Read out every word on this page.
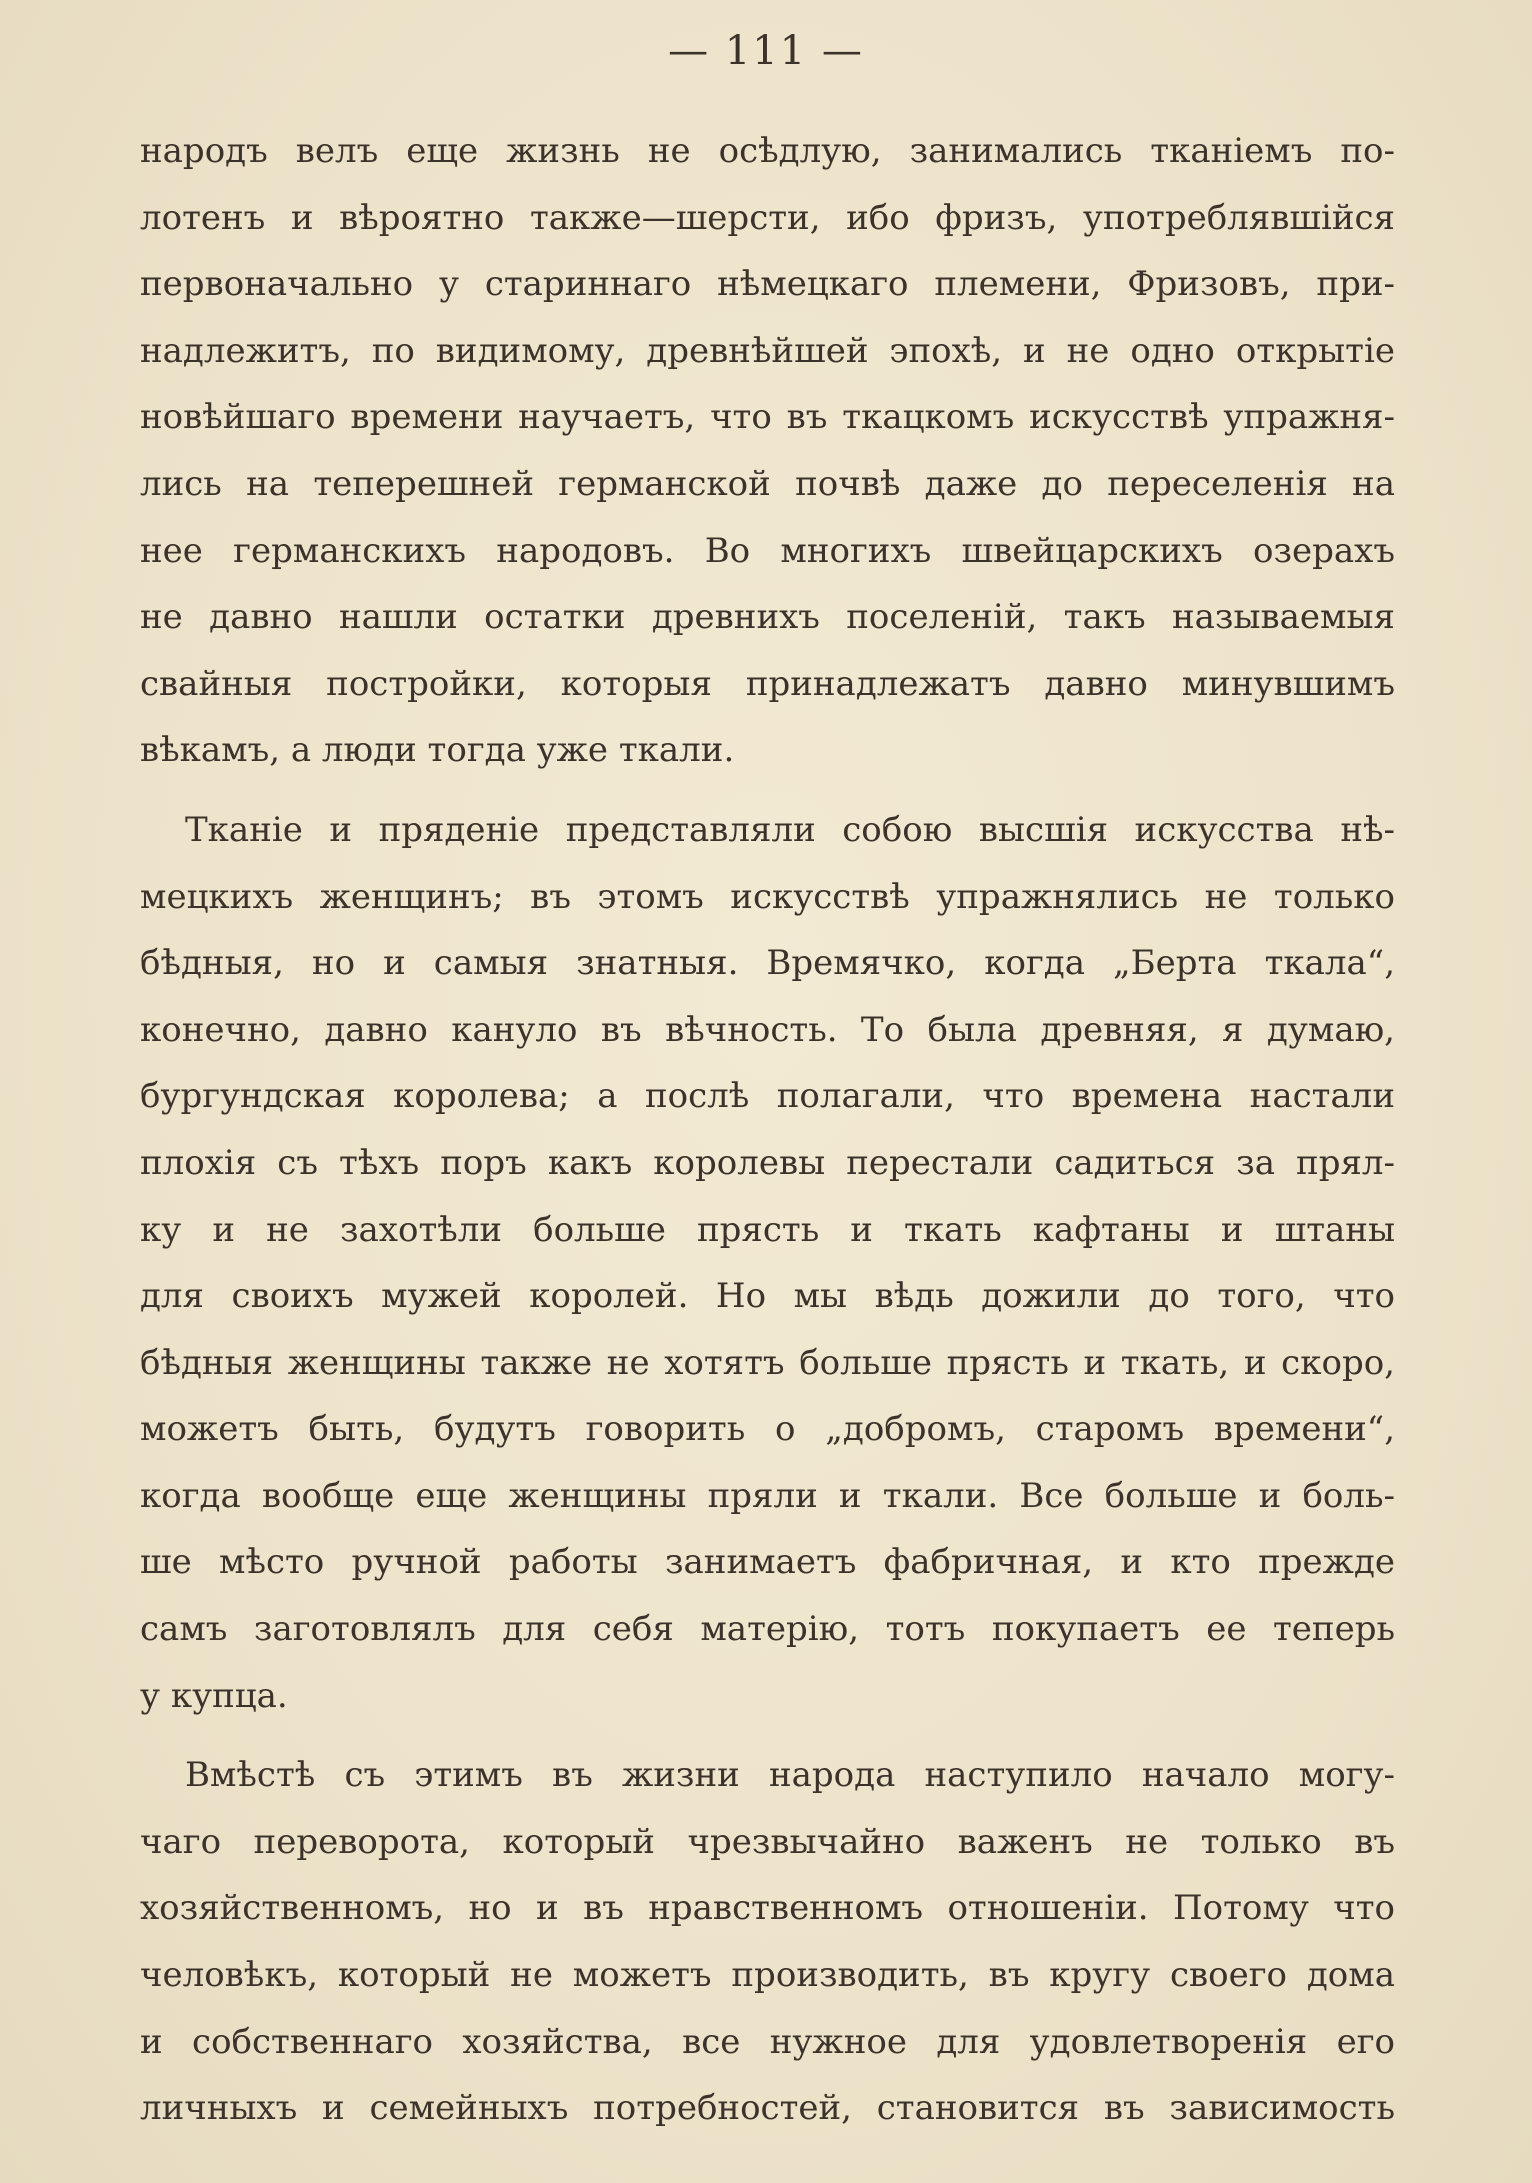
— 111 —
народъ велъ еще жизнь не осѣдлую, занимались тканіемъ по-
лотенъ и вѣроятно также—шерсти, ибо фризъ, употреблявшійся
первоначально у стариннаго нѣмецкаго племени, Фризовъ, при-
надлежитъ, по видимому, древнѣйшей эпохѣ, и не одно открытіе
новѣйшаго времени научаетъ, что въ ткацкомъ искусствѣ упражня-
лись на теперешней германской почвѣ даже до переселенія на
нее германскихъ народовъ. Во многихъ швейцарскихъ озерахъ
не давно нашли остатки древнихъ поселеній, такъ называемыя
свайныя постройки, которыя принадлежатъ давно минувшимъ
вѣкамъ, а люди тогда уже ткали.
Тканіе и пряденіе представляли собою высшія искусства нѣ-
мецкихъ женщинъ; въ этомъ искусствѣ упражнялись не только
бѣдныя, но и самыя знатныя. Времячко, когда „Берта ткала“,
конечно, давно кануло въ вѣчность. То была древняя, я думаю,
бургундская королева; а послѣ полагали, что времена настали
плохія съ тѣхъ поръ какъ королевы перестали садиться за прял-
ку и не захотѣли больше прясть и ткать кафтаны и штаны
для своихъ мужей королей. Но мы вѣдь дожили до того, что
бѣдныя женщины также не хотятъ больше прясть и ткать, и скоро,
можетъ быть, будутъ говорить о „добромъ, старомъ времени“,
когда вообще еще женщины пряли и ткали. Все больше и боль-
ше мѣсто ручной работы занимаетъ фабричная, и кто прежде
самъ заготовлялъ для себя матерію, тотъ покупаетъ ее теперь
у купца.
Вмѣстѣ съ этимъ въ жизни народа наступило начало могу-
чаго переворота, который чрезвычайно важенъ не только въ
хозяйственномъ, но и въ нравственномъ отношеніи. Потому что
человѣкъ, который не можетъ производить, въ кругу своего дома
и собственнаго хозяйства, все нужное для удовлетворенія его
личныхъ и семейныхъ потребностей, становится въ зависимость
